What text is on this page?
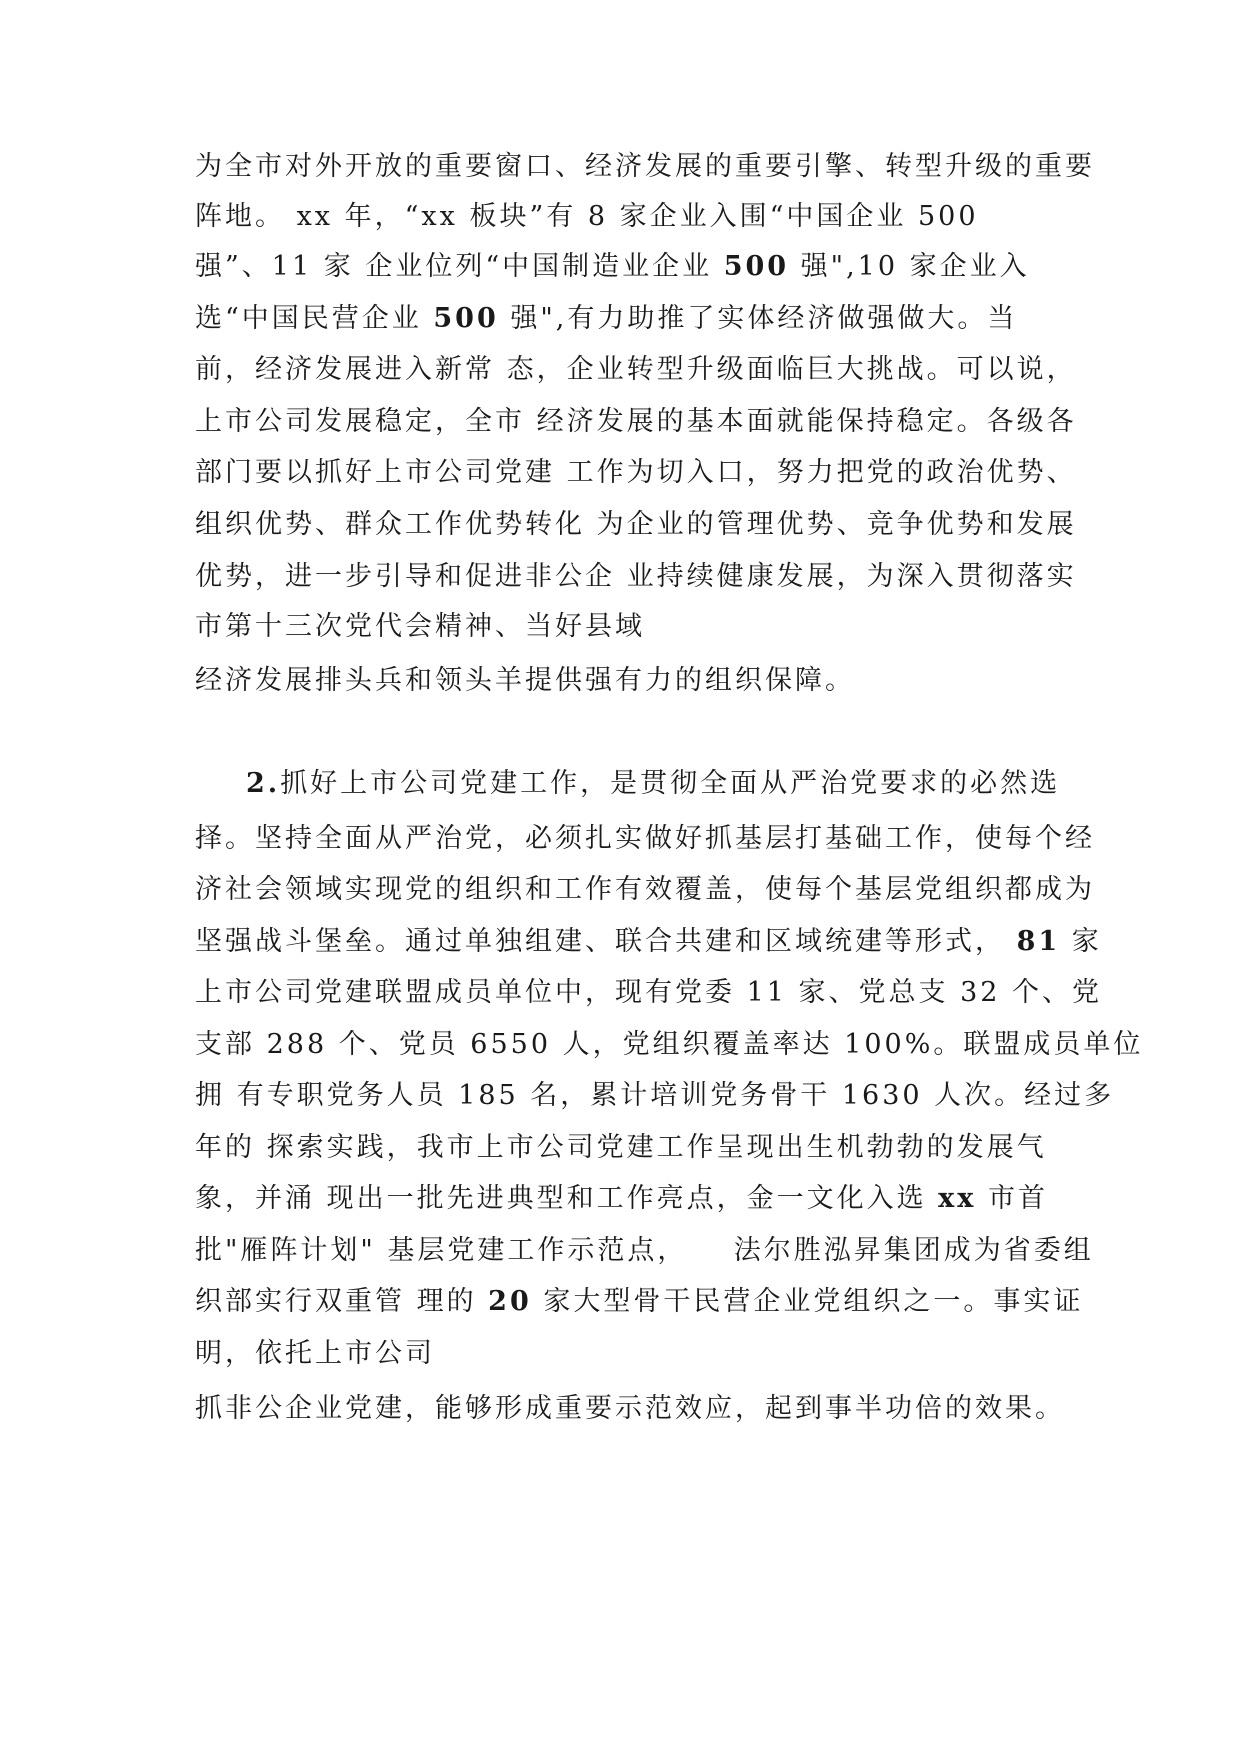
为全市对外开放的重要窗口、经济发展的重要引擎、转型升级的重要
阵地。 xx 年，“xx 板块”有 8 家企业入围“中国企业 500
强”、11 家 企业位列“中国制造业企业 500 强",10 家企业入
选“中国民营企业 500 强",有力助推了实体经济做强做大。当
前，经济发展进入新常 态，企业转型升级面临巨大挑战。可以说，
上市公司发展稳定，全市 经济发展的基本面就能保持稳定。各级各
部门要以抓好上市公司党建 工作为切入口，努力把党的政治优势、
组织优势、群众工作优势转化 为企业的管理优势、竞争优势和发展
优势，进一步引导和促进非公企 业持续健康发展，为深入贯彻落实
市第十三次党代会精神、当好县域
经济发展排头兵和领头羊提供强有力的组织保障。
2.抓好上市公司党建工作，是贯彻全面从严治党要求的必然选
择。坚持全面从严治党，必须扎实做好抓基层打基础工作，使每个经
济社会领域实现党的组织和工作有效覆盖，使每个基层党组织都成为
坚强战斗堡垒。通过单独组建、联合共建和区域统建等形式， 81 家
上市公司党建联盟成员单位中，现有党委 11 家、党总支 32 个、党
支部 288 个、党员 6550 人，党组织覆盖率达 100%。联盟成员单位
拥 有专职党务人员 185 名，累计培训党务骨干 1630 人次。经过多
年的 探索实践，我市上市公司党建工作呈现出生机勃勃的发展气
象，并涌 现出一批先进典型和工作亮点，金一文化入选 xx 市首
批"雁阵计划" 基层党建工作示范点，    法尔胜泓昇集团成为省委组
织部实行双重管 理的 20 家大型骨干民营企业党组织之一。事实证
明，依托上市公司
抓非公企业党建，能够形成重要示范效应，起到事半功倍的效果。
